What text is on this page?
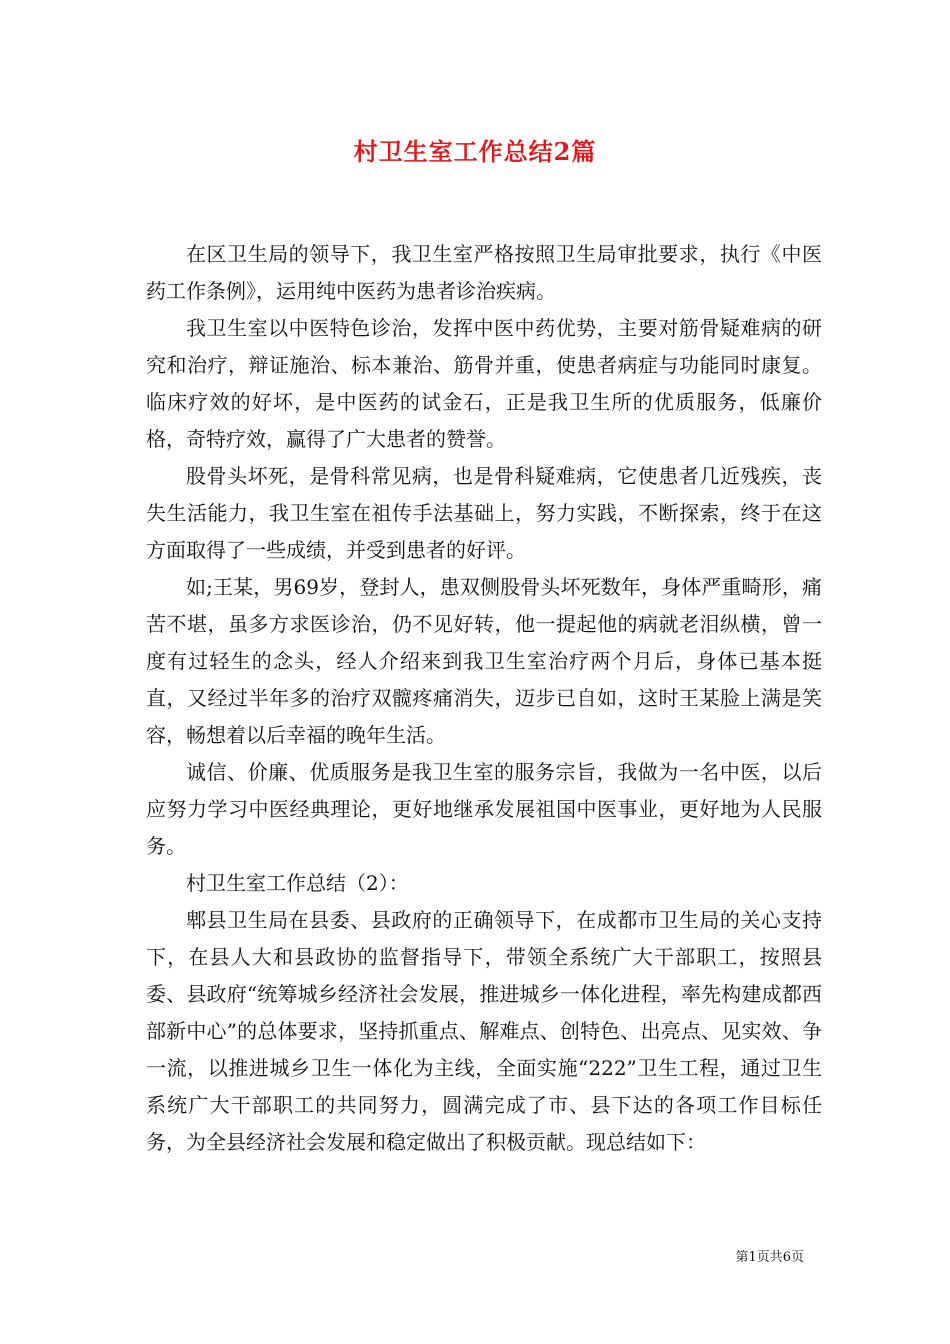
村卫生室工作总结2篇

在区卫生局的领导下，我卫生室严格按照卫生局审批要求，执行《中医药工作条例》，运用纯中医药为患者诊治疾病。

我卫生室以中医特色诊治，发挥中医中药优势，主要对筋骨疑难病的研究和治疗，辩证施治、标本兼治、筋骨并重，使患者病症与功能同时康复。临床疗效的好坏，是中医药的试金石，正是我卫生所的优质服务，低廉价格，奇特疗效，赢得了广大患者的赞誉。

股骨头坏死，是骨科常见病，也是骨科疑难病，它使患者几近残疾，丧失生活能力，我卫生室在祖传手法基础上，努力实践，不断探索，终于在这方面取得了一些成绩，并受到患者的好评。

如;王某，男69岁，登封人，患双侧股骨头坏死数年，身体严重畸形，痛苦不堪，虽多方求医诊治，仍不见好转，他一提起他的病就老泪纵横，曾一度有过轻生的念头，经人介绍来到我卫生室治疗两个月后，身体已基本挺直，又经过半年多的治疗双髋疼痛消失，迈步已自如，这时王某脸上满是笑容，畅想着以后幸福的晚年生活。

诚信、价廉、优质服务是我卫生室的服务宗旨，我做为一名中医，以后应努力学习中医经典理论，更好地继承发展祖国中医事业，更好地为人民服务。

村卫生室工作总结（2）：

郫县卫生局在县委、县政府的正确领导下，在成都市卫生局的关心支持下，在县人大和县政协的监督指导下，带领全系统广大干部职工，按照县委、县政府“统筹城乡经济社会发展，推进城乡一体化进程，率先构建成都西部新中心”的总体要求，坚持抓重点、解难点、创特色、出亮点、见实效、争一流，以推进城乡卫生一体化为主线，全面实施“222”卫生工程，通过卫生系统广大干部职工的共同努力，圆满完成了市、县下达的各项工作目标任务，为全县经济社会发展和稳定做出了积极贡献。现总结如下：

第1页共6页
